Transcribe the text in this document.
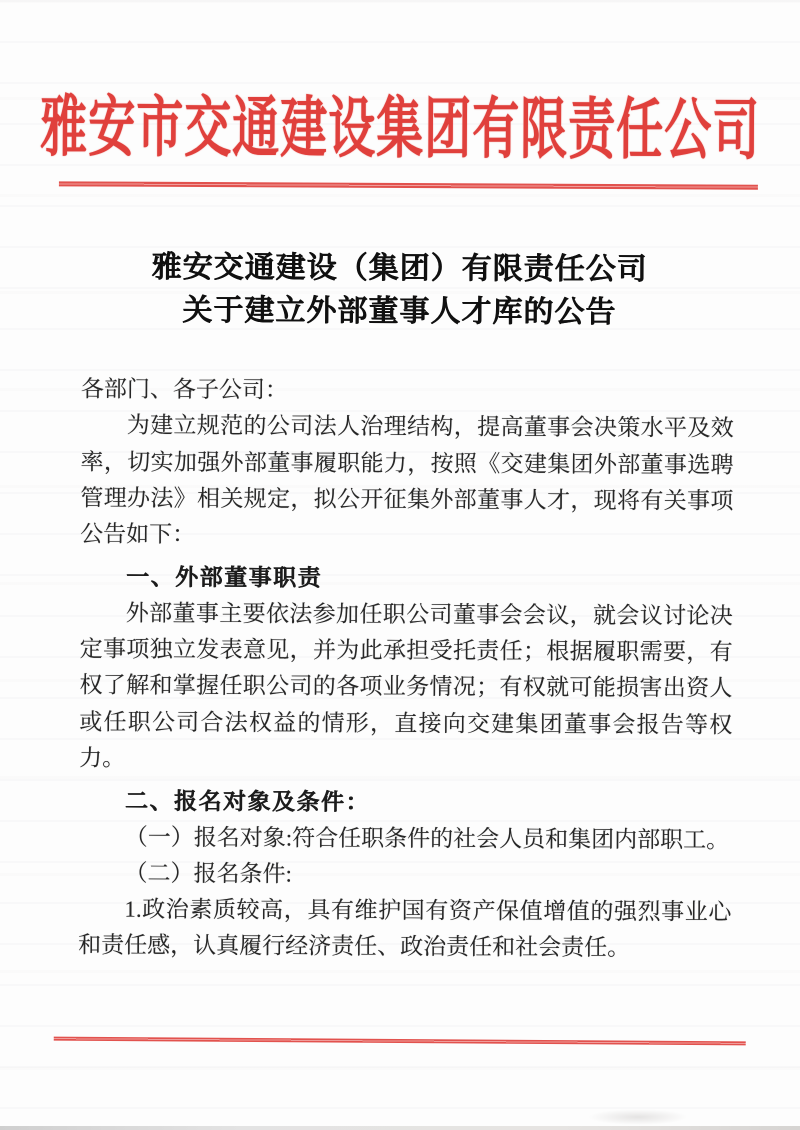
雅安市交通建设集团有限责任公司
雅安交通建设（集团）有限责任公司
关于建立外部董事人才库的公告
各部门、各子公司：
为建立规范的公司法人治理结构，提高董事会决策水平及效
率，切实加强外部董事履职能力，按照《交建集团外部董事选聘
管理办法》相关规定，拟公开征集外部董事人才，现将有关事项
公告如下：
一、外部董事职责
外部董事主要依法参加任职公司董事会会议，就会议讨论决
定事项独立发表意见，并为此承担受托责任；根据履职需要，有
权了解和掌握任职公司的各项业务情况；有权就可能损害出资人
或任职公司合法权益的情形，直接向交建集团董事会报告等权
力。
二、报名对象及条件：
（一）报名对象:符合任职条件的社会人员和集团内部职工。
（二）报名条件:
1.政治素质较高，具有维护国有资产保值增值的强烈事业心
和责任感，认真履行经济责任、政治责任和社会责任。
